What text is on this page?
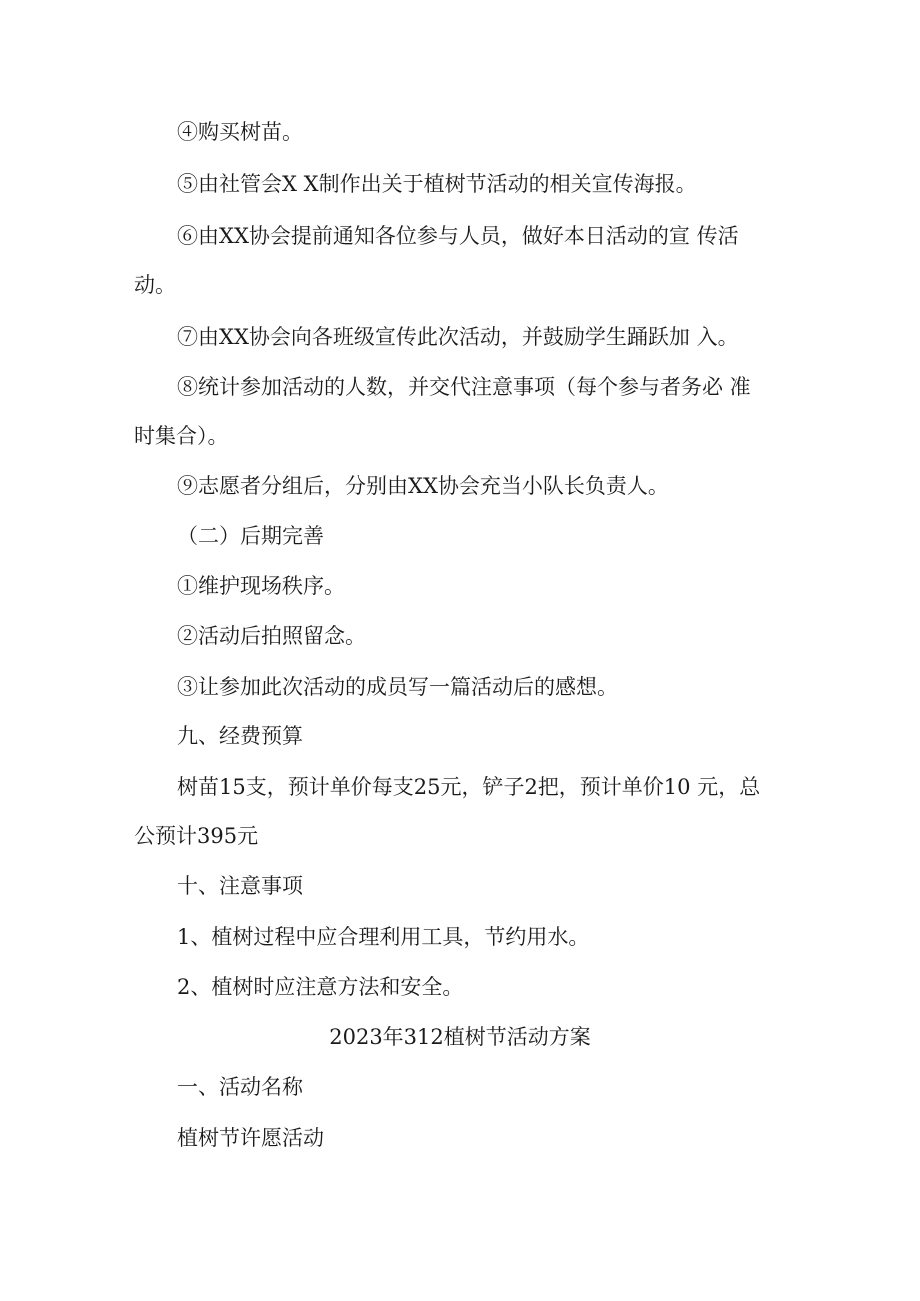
④购买树苗。
⑤由社管会X X制作出关于植树节活动的相关宣传海报。
⑥由XX协会提前通知各位参与人员，做好本日活动的宣 传活
动。
⑦由XX协会向各班级宣传此次活动，并鼓励学生踊跃加 入。
⑧统计参加活动的人数，并交代注意事项（每个参与者务必 准
时集合）。
⑨志愿者分组后，分别由XX协会充当小队长负责人。
（二）后期完善
①维护现场秩序。
②活动后拍照留念。
③让参加此次活动的成员写一篇活动后的感想。
九、经费预算
树苗15支，预计单价每支25元，铲子2把，预计单价10 元，总
公预计395元
十、注意事项
1、植树过程中应合理利用工具，节约用水。
2、植树时应注意方法和安全。
2023年312植树节活动方案
一、活动名称
植树节许愿活动
